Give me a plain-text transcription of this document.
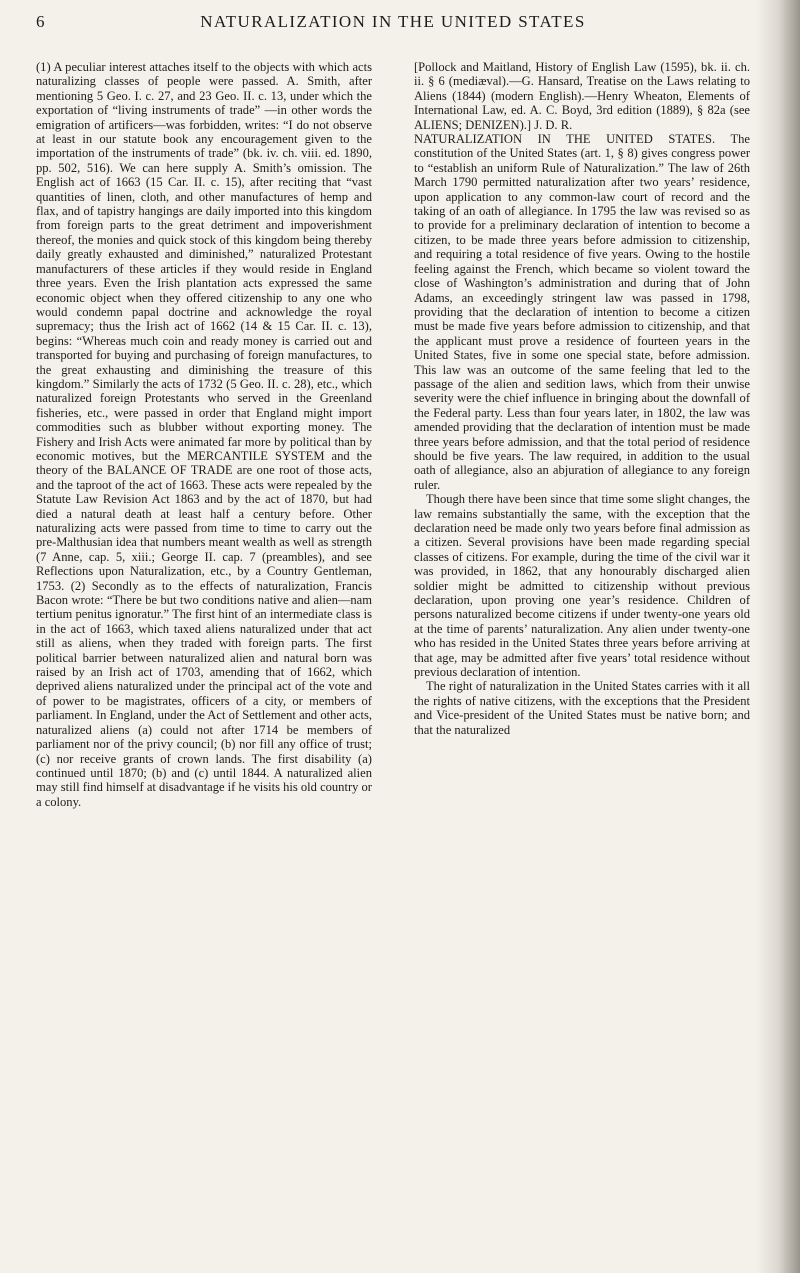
6	NATURALIZATION IN THE UNITED STATES

(1) A peculiar interest attaches itself to the objects with which acts naturalizing classes of people were passed. A. Smith, after mentioning 5 Geo. I. c. 27, and 23 Geo. II. c. 13, under which the exportation of “living instruments of trade” —in other words the emigration of artificers—was forbidden, writes: “I do not observe at least in our statute book any encouragement given to the importation of the instruments of trade” (bk. iv. ch. viii. ed. 1890, pp. 502, 516). We can here supply A. Smith’s omission. The English act of 1663 (15 Car. II. c. 15), after reciting that “vast quantities of linen, cloth, and other manufactures of hemp and flax, and of tapistry hangings are daily imported into this kingdom from foreign parts to the great detriment and impoverishment thereof, the monies and quick stock of this kingdom being thereby daily greatly exhausted and diminished,” naturalized Protestant manufacturers of these articles if they would reside in England three years. Even the Irish plantation acts expressed the same economic object when they offered citizenship to any one who would condemn papal doctrine and acknowledge the royal supremacy; thus the Irish act of 1662 (14 & 15 Car. II. c. 13), begins: “Whereas much coin and ready money is carried out and transported for buying and purchasing of foreign manufactures, to the great exhausting and diminishing the treasure of this kingdom.” Similarly the acts of 1732 (5 Geo. II. c. 28), etc., which naturalized foreign Protestants who served in the Greenland fisheries, etc., were passed in order that England might import commodities such as blubber without exporting money. The Fishery and Irish Acts were animated far more by political than by economic motives, but the MERCANTILE SYSTEM and the theory of the BALANCE OF TRADE are one root of those acts, and the taproot of the act of 1663. These acts were repealed by the Statute Law Revision Act 1863 and by the act of 1870, but had died a natural death at least half a century before. Other naturalizing acts were passed from time to time to carry out the pre-Malthusian idea that numbers meant wealth as well as strength (7 Anne, cap. 5, xiii.; George II. cap. 7 (preambles), and see Reflections upon Naturalization, etc., by a Country Gentleman, 1753. (2) Secondly as to the effects of naturalization, Francis Bacon wrote: “There be but two conditions native and alien—nam tertium penitus ignoratur.” The first hint of an intermediate class is in the act of 1663, which taxed aliens naturalized under that act still as aliens, when they traded with foreign parts. The first political barrier between naturalized alien and natural born was raised by an Irish act of 1703, amending that of 1662, which deprived aliens naturalized under the principal act of the vote and of power to be magistrates, officers of a city, or members of parliament. In England, under the Act of Settlement and other acts, naturalized aliens (a) could not after 1714 be members of parliament nor of the privy council; (b) nor fill any office of trust; (c) nor receive grants of crown lands. The first disability (a) continued until 1870; (b) and (c) until 1844. A naturalized alien may still find himself at disadvantage if he visits his old country or a colony.

[Pollock and Maitland, History of English Law (1595), bk. ii. ch. ii. § 6 (mediæval).—G. Hansard, Treatise on the Laws relating to Aliens (1844) (modern English).—Henry Wheaton, Elements of International Law, ed. A. C. Boyd, 3rd edition (1889), § 82a (see ALIENS; DENIZEN).] J. D. R.

NATURALIZATION IN THE UNITED STATES. The constitution of the United States (art. 1, § 8) gives congress power to “establish an uniform Rule of Naturalization.” The law of 26th March 1790 permitted naturalization after two years’ residence, upon application to any common-law court of record and the taking of an oath of allegiance. In 1795 the law was revised so as to provide for a preliminary declaration of intention to become a citizen, to be made three years before admission to citizenship, and requiring a total residence of five years. Owing to the hostile feeling against the French, which became so violent toward the close of Washington’s administration and during that of John Adams, an exceedingly stringent law was passed in 1798, providing that the declaration of intention to become a citizen must be made five years before admission to citizenship, and that the applicant must prove a residence of fourteen years in the United States, five in some one special state, before admission. This law was an outcome of the same feeling that led to the passage of the alien and sedition laws, which from their unwise severity were the chief influence in bringing about the downfall of the Federal party. Less than four years later, in 1802, the law was amended providing that the declaration of intention must be made three years before admission, and that the total period of residence should be five years. The law required, in addition to the usual oath of allegiance, also an abjuration of allegiance to any foreign ruler.

Though there have been since that time some slight changes, the law remains substantially the same, with the exception that the declaration need be made only two years before final admission as a citizen. Several provisions have been made regarding special classes of citizens. For example, during the time of the civil war it was provided, in 1862, that any honourably discharged alien soldier might be admitted to citizenship without previous declaration, upon proving one year’s residence. Children of persons naturalized become citizens if under twenty-one years old at the time of parents’ naturalization. Any alien under twenty-one who has resided in the United States three years before arriving at that age, may be admitted after five years’ total residence without previous declaration of intention.

The right of naturalization in the United States carries with it all the rights of native citizens, with the exceptions that the President and Vice-president of the United States must be native born; and that the naturalized
